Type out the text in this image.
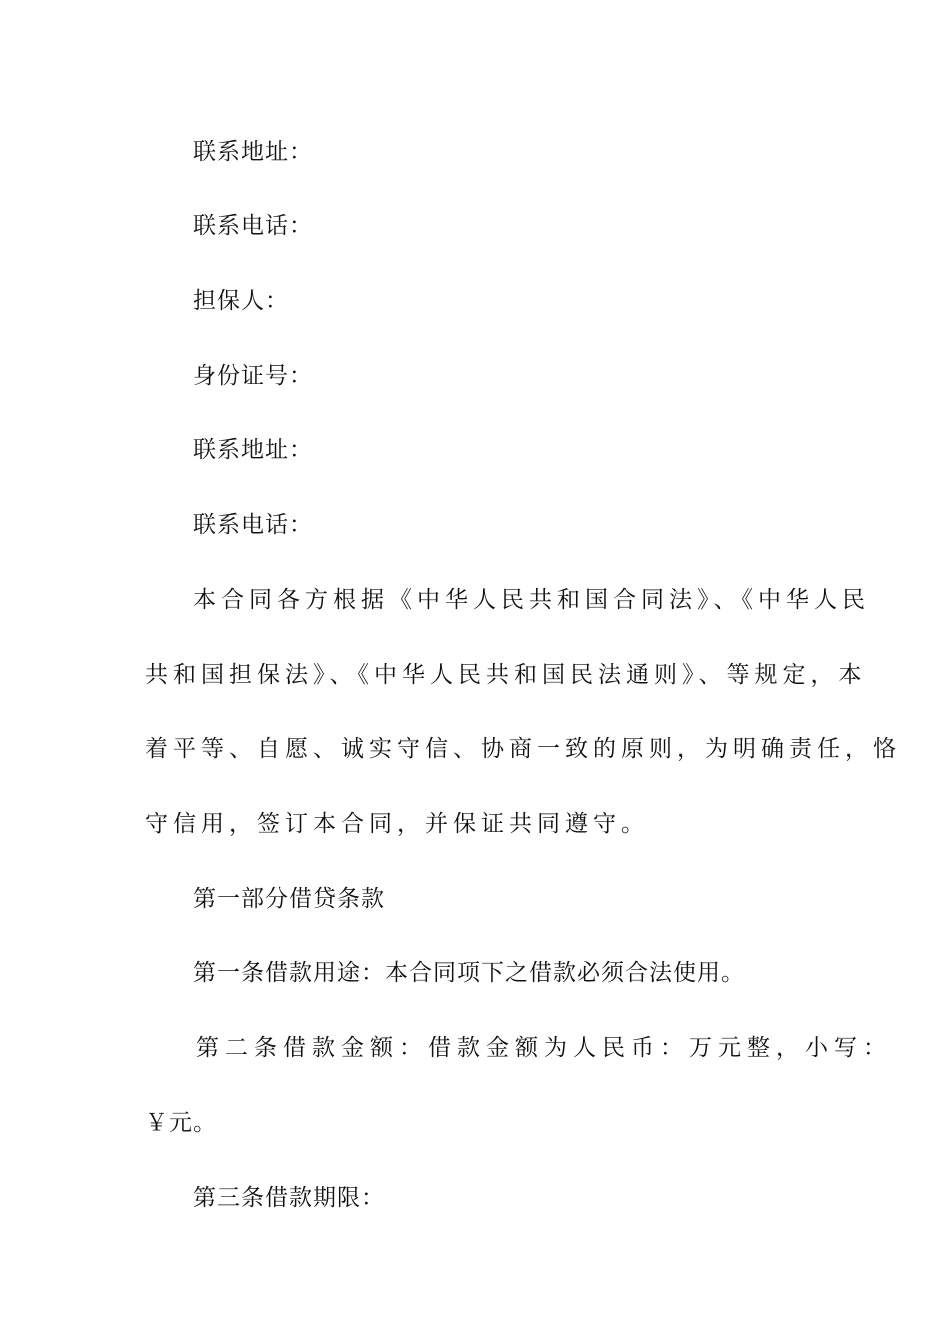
联系地址：
联系电话：
担保人：
身份证号：
联系地址：
联系电话：
本合同各方根据《中华人民共和国合同法》、《中华人民
共和国担保法》、《中华人民共和国民法通则》、等规定，本
着平等、自愿、诚实守信、协商一致的原则，为明确责任，恪
守信用，签订本合同，并保证共同遵守。
第一部分借贷条款
第一条借款用途：本合同项下之借款必须合法使用。
第二条借款金额：借款金额为人民币：万元整，小写：
￥元。
第三条借款期限：
